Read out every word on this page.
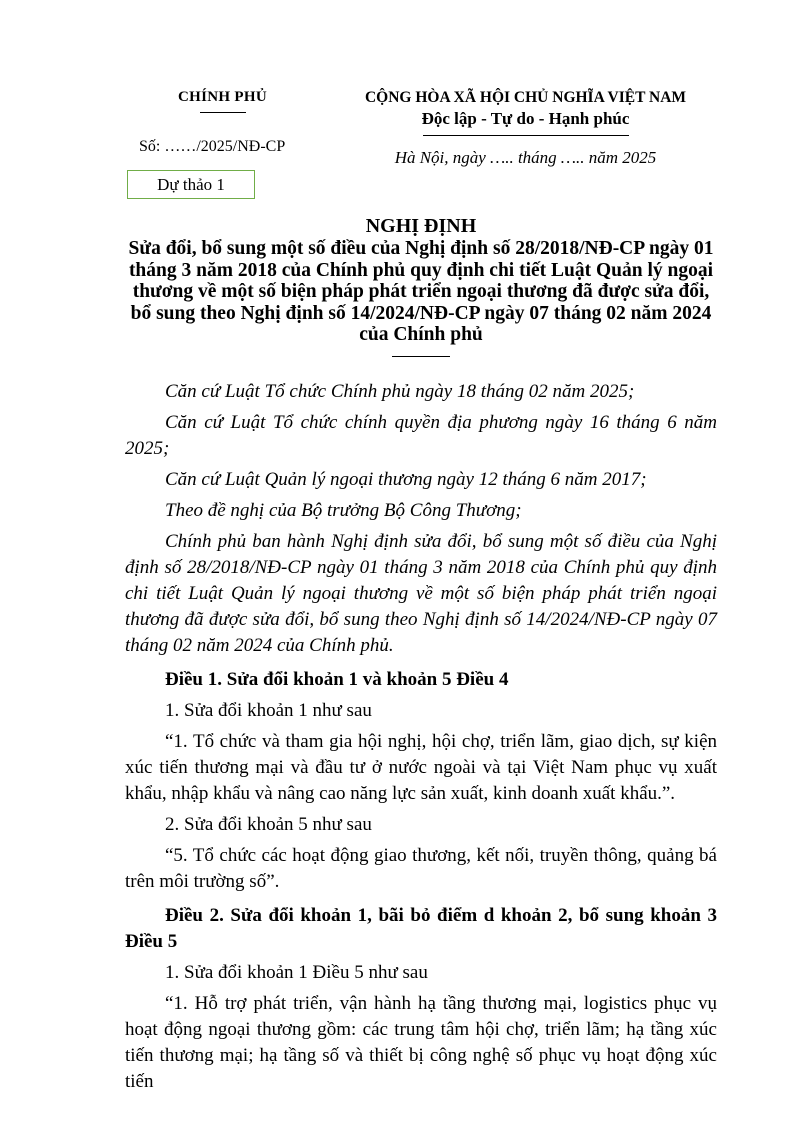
CHÍNH PHỦ
Số: ……/2025/NĐ-CP
Dự thảo 1
CỘNG HÒA XÃ HỘI CHỦ NGHĨA VIỆT NAM
Độc lập - Tự do - Hạnh phúc
Hà Nội, ngày ….. tháng ….. năm 2025
NGHỊ ĐỊNH
Sửa đổi, bổ sung một số điều của Nghị định số 28/2018/NĐ-CP ngày 01 tháng 3 năm 2018 của Chính phủ quy định chi tiết Luật Quản lý ngoại thương về một số biện pháp phát triển ngoại thương đã được sửa đổi, bổ sung theo Nghị định số 14/2024/NĐ-CP ngày 07 tháng 02 năm 2024 của Chính phủ

Căn cứ Luật Tổ chức Chính phủ ngày 18 tháng 02 năm 2025;

Căn cứ Luật Tổ chức chính quyền địa phương ngày 16 tháng 6 năm 2025;

Căn cứ Luật Quản lý ngoại thương ngày 12 tháng 6 năm 2017;

Theo đề nghị của Bộ trưởng Bộ Công Thương;

Chính phủ ban hành Nghị định sửa đổi, bổ sung một số điều của Nghị định số 28/2018/NĐ-CP ngày 01 tháng 3 năm 2018 của Chính phủ quy định chi tiết Luật Quản lý ngoại thương về một số biện pháp phát triển ngoại thương đã được sửa đổi, bổ sung theo Nghị định số 14/2024/NĐ-CP ngày 07 tháng 02 năm 2024 của Chính phủ.

Điều 1. Sửa đổi khoản 1 và khoản 5 Điều 4

1. Sửa đổi khoản 1 như sau

“1. Tổ chức và tham gia hội nghị, hội chợ, triển lãm, giao dịch, sự kiện xúc tiến thương mại và đầu tư ở nước ngoài và tại Việt Nam phục vụ xuất khẩu, nhập khẩu và nâng cao năng lực sản xuất, kinh doanh xuất khẩu.”.

2. Sửa đổi khoản 5 như sau

“5. Tổ chức các hoạt động giao thương, kết nối, truyền thông, quảng bá trên môi trường số”.

Điều 2. Sửa đổi khoản 1, bãi bỏ điểm d khoản 2, bổ sung khoản 3 Điều 5

1. Sửa đổi khoản 1 Điều 5 như sau

“1. Hỗ trợ phát triển, vận hành hạ tầng thương mại, logistics phục vụ hoạt động ngoại thương gồm: các trung tâm hội chợ, triển lãm; hạ tầng xúc tiến thương mại; hạ tầng số và thiết bị công nghệ số phục vụ hoạt động xúc tiến
